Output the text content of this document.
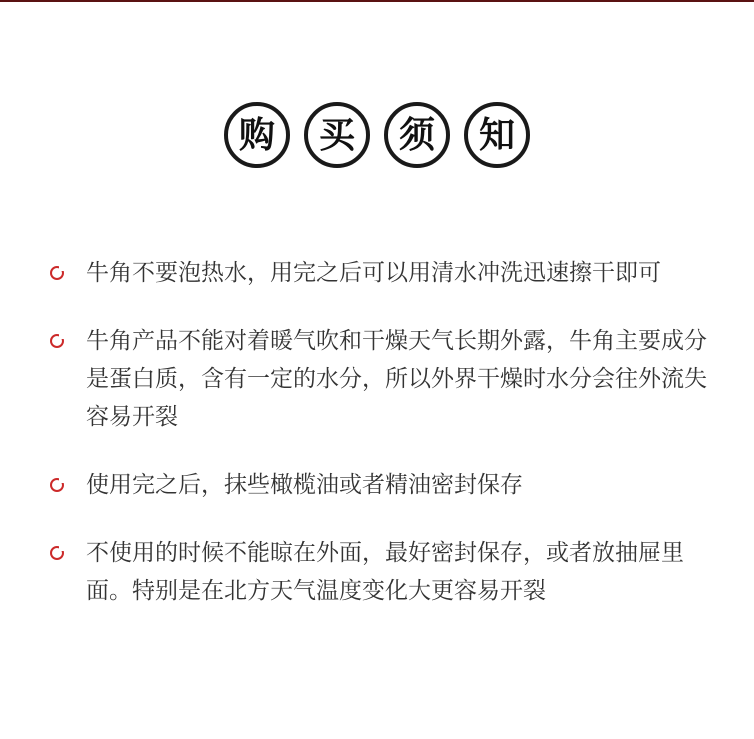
购	买	须	知
牛角不要泡热水，用完之后可以用清水冲洗迅速擦干即可
牛角产品不能对着暖气吹和干燥天气长期外露，牛角主要成分是蛋白质，含有一定的水分，所以外界干燥时水分会往外流失容易开裂
使用完之后，抹些橄榄油或者精油密封保存
不使用的时候不能晾在外面，最好密封保存，或者放抽屉里面。特别是在北方天气温度变化大更容易开裂
